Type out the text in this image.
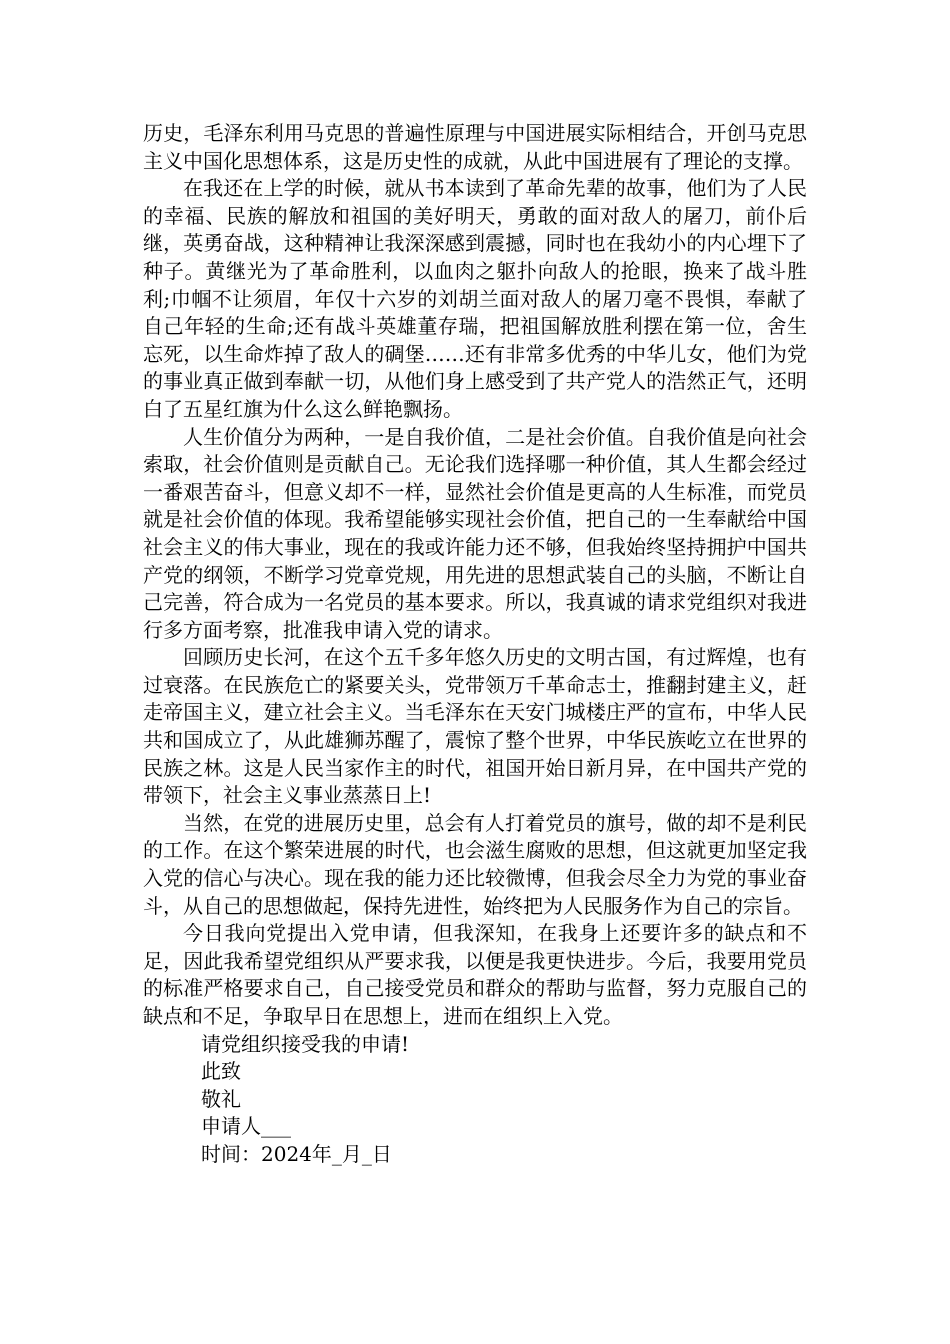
历史，毛泽东利用马克思的普遍性原理与中国进展实际相结合，开创马克思主义中国化思想体系，这是历史性的成就，从此中国进展有了理论的支撑。

在我还在上学的时候，就从书本读到了革命先辈的故事，他们为了人民的幸福、民族的解放和祖国的美好明天，勇敢的面对敌人的屠刀，前仆后继，英勇奋战，这种精神让我深深感到震撼，同时也在我幼小的内心埋下了种子。黄继光为了革命胜利，以血肉之躯扑向敌人的抢眼，换来了战斗胜利;巾帼不让须眉，年仅十六岁的刘胡兰面对敌人的屠刀毫不畏惧，奉献了自己年轻的生命;还有战斗英雄董存瑞，把祖国解放胜利摆在第一位，舍生忘死，以生命炸掉了敌人的碉堡……还有非常多优秀的中华儿女，他们为党的事业真正做到奉献一切，从他们身上感受到了共产党人的浩然正气，还明白了五星红旗为什么这么鲜艳飘扬。

人生价值分为两种，一是自我价值，二是社会价值。自我价值是向社会索取，社会价值则是贡献自己。无论我们选择哪一种价值，其人生都会经过一番艰苦奋斗，但意义却不一样，显然社会价值是更高的人生标准，而党员就是社会价值的体现。我希望能够实现社会价值，把自己的一生奉献给中国社会主义的伟大事业，现在的我或许能力还不够，但我始终坚持拥护中国共产党的纲领，不断学习党章党规，用先进的思想武装自己的头脑，不断让自己完善，符合成为一名党员的基本要求。所以，我真诚的请求党组织对我进行多方面考察，批准我申请入党的请求。

回顾历史长河，在这个五千多年悠久历史的文明古国，有过辉煌，也有过衰落。在民族危亡的紧要关头，党带领万千革命志士，推翻封建主义，赶走帝国主义，建立社会主义。当毛泽东在天安门城楼庄严的宣布，中华人民共和国成立了，从此雄狮苏醒了，震惊了整个世界，中华民族屹立在世界的民族之林。这是人民当家作主的时代，祖国开始日新月异，在中国共产党的带领下，社会主义事业蒸蒸日上!

当然，在党的进展历史里，总会有人打着党员的旗号，做的却不是利民的工作。在这个繁荣进展的时代，也会滋生腐败的思想，但这就更加坚定我入党的信心与决心。现在我的能力还比较微博，但我会尽全力为党的事业奋斗，从自己的思想做起，保持先进性，始终把为人民服务作为自己的宗旨。

今日我向党提出入党申请，但我深知，在我身上还要许多的缺点和不足，因此我希望党组织从严要求我，以便是我更快进步。今后，我要用党员的标准严格要求自己，自己接受党员和群众的帮助与监督，努力克服自己的缺点和不足，争取早日在思想上，进而在组织上入党。

请党组织接受我的申请!

此致

敬礼

申请人___

时间：2024年_月_日
